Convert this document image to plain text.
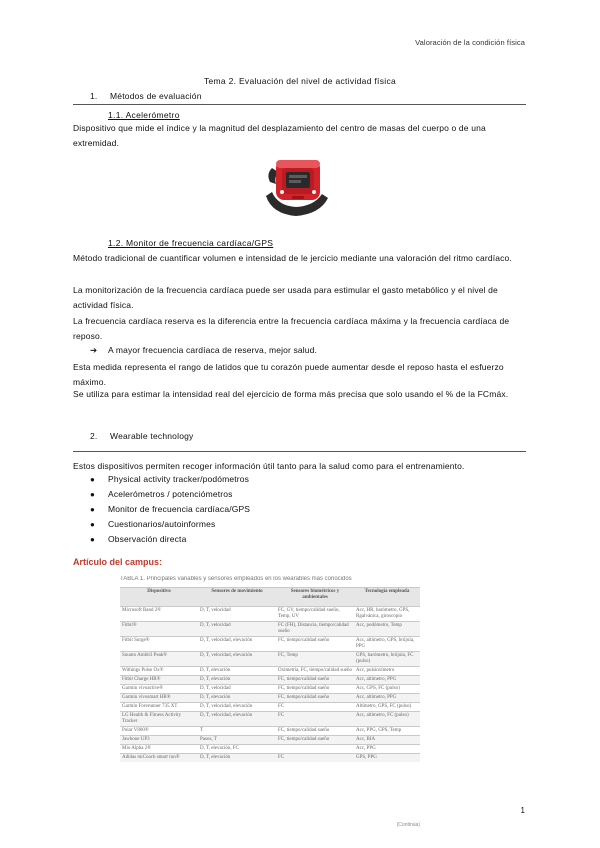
Valoración de la condición física
Tema 2. Evaluación del nivel de actividad física
1. Métodos de evaluación
1.1. Acelerómetro
Dispositivo que mide el índice y la magnitud del desplazamiento del centro de masas del cuerpo o de una extremidad.
1.2. Monitor de frecuencia cardíaca/GPS
Método tradicional de cuantificar volumen e intensidad de le jercicio mediante una valoración del ritmo cardíaco.
La monitorización de la frecuencia cardíaca puede ser usada para estimular el gasto metabólico y el nivel de actividad física.
La frecuencia cardíaca reserva es la diferencia entre la frecuencia cardíaca máxima y la frecuencia cardíaca de reposo.
➔ A mayor frecuencia cardíaca de reserva, mejor salud.
Esta medida representa el rango de latidos que tu corazón puede aumentar desde el reposo hasta el esfuerzo máximo.
Se utiliza para estimar la intensidad real del ejercicio de forma más precisa que solo usando el % de la FCmáx.
2. Wearable technology
Estos dispositivos permiten recoger información útil tanto para la salud como para el entrenamiento.
● Physical activity tracker/podómetros
● Acelerómetros / potenciómetros
● Monitor de frecuencia cardíaca/GPS
● Cuestionarios/autoinformes
● Observación directa
Artículo del campus:
TABLA 1. Principales variables y sensores empleados en los wearables más conocidos
Dispositivo	Sensores de movimiento	Sensores biométricos y ambientales	Tecnología empleada
Microsoft Band 2®	D, T, velocidad	FC, GV, tiempo/calidad sueño, Temp, UV	Acc, HR, barómetro, GPS, Rgalvánica, giroscopio
Fitbit®	D, T, velocidad	FC (FH), Distancia, tiempo/calidad sueño	Acc, podómetro, Temp
Fitbit Surge®	D, T, velocidad, elevación	FC, tiempo/calidad sueño	Acc, altímetro, GPS, brújula, PPG
Suunto Ambit3 Peak®	D, T, velocidad, elevación	FC, Temp	GPS, barómetro, brújula, FC (pulso)
Withings Pulse Ox®	D, T, elevación	Oximetría, FC, tiempo/calidad sueño	Acc, pulsioxímetro
Fitbit Charge HR®	D, T, elevación	FC, tiempo/calidad sueño	Acc, altímetro, PPG
Garmin vivoactive®	D, T, velocidad	FC, tiempo/calidad sueño	Acc, GPS, FC (pulso)
Garmin vivosmart HR®	D, T, elevación	FC, tiempo/calidad sueño	Acc, altímetro, PPG
Garmin Forerunner 735 XT	D, T, velocidad, elevación	FC	Altímetro, GPS, FC (pulso)
LG Health & Fitness Activity Tracker	D, T, velocidad, elevación	FC	Acc, altímetro, FC (pulso)
Polar V800®	T	FC, tiempo/calidad sueño	Acc, PPG, GPS, Temp
Jawbone UP3	Pasos, T	FC, tiempo/calidad sueño	Acc, BIA
Mio Alpha 2®	D, T, elevación, FC		Acc, PPG
Adidas miCoach smart run®	D, T, elevación	FC	GPS, PPG
(Continúa)
1
